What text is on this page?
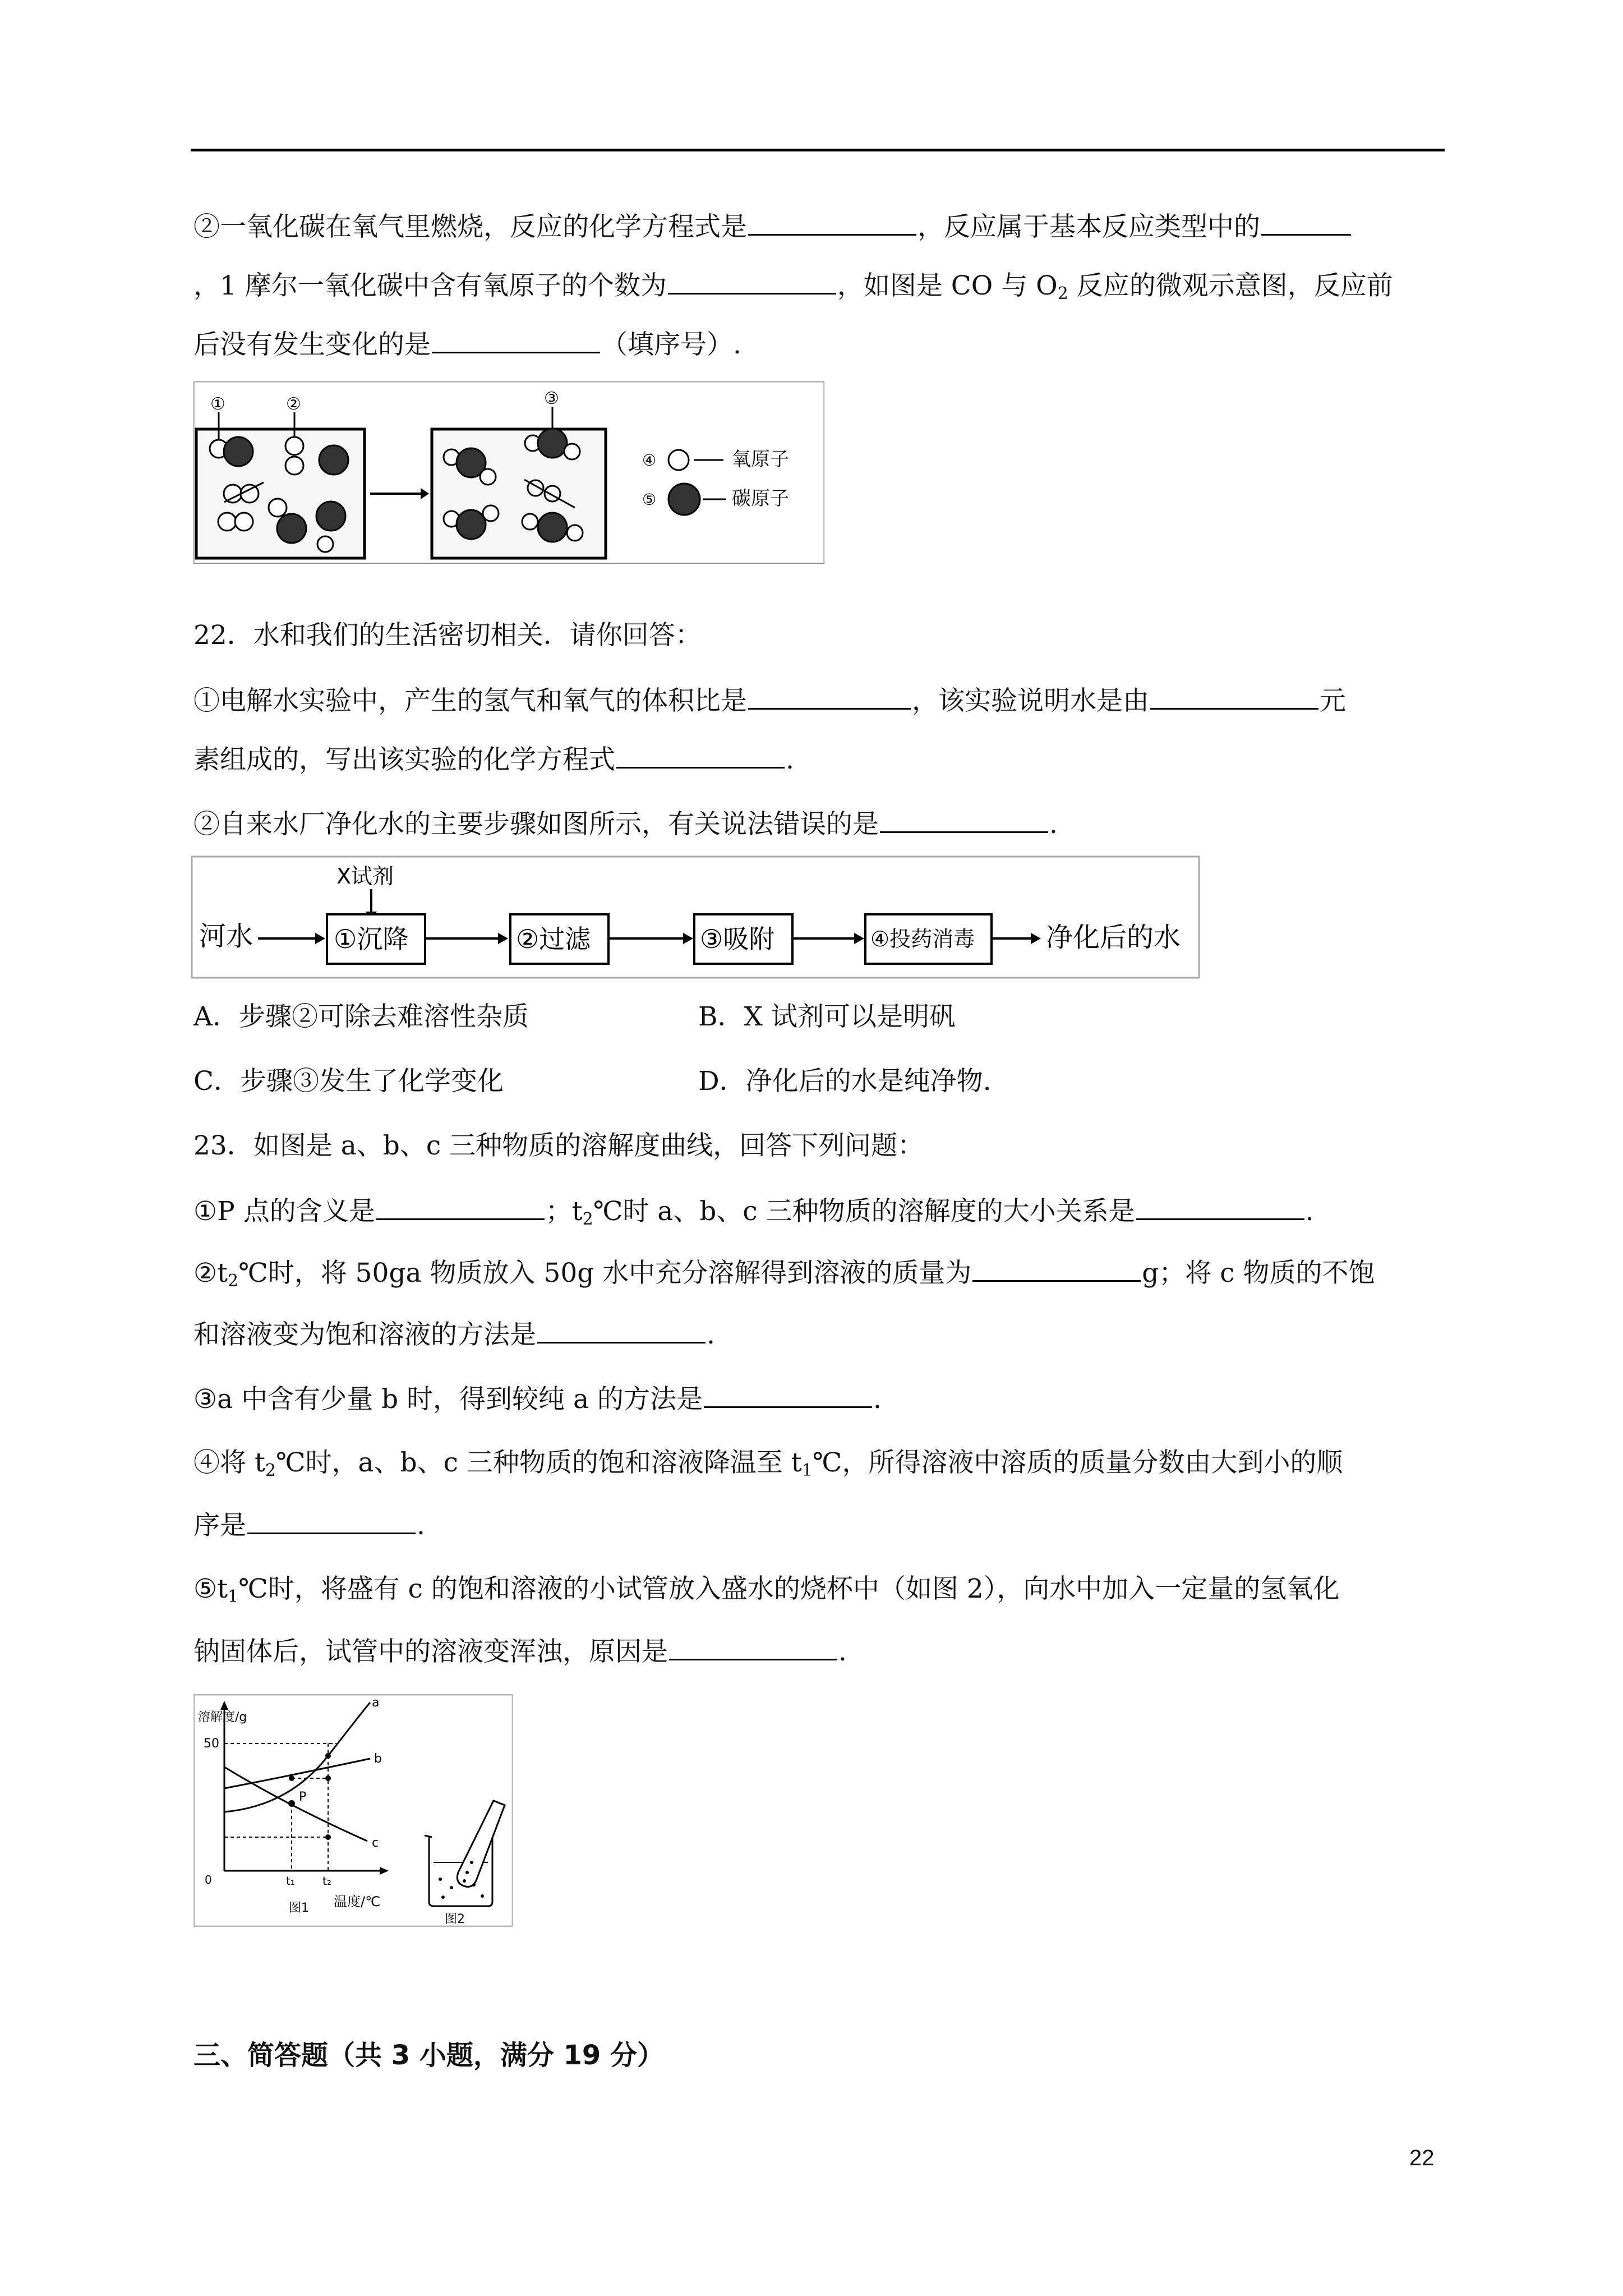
②一氧化碳在氧气里燃烧，反应的化学方程式是	，反应属于基本反应类型中的
，1 摩尔一氧化碳中含有氧原子的个数为	，如图是 CO 与 $O_2$ 反应的微观示意图，反应前
后没有发生变化的是	（填序号）.
①	②	③
④	氧原子
⑤	碳原子
22．水和我们的生活密切相关．请你回答：
①电解水实验中，产生的氢气和氧气的体积比是	，该实验说明水是由	元
素组成的，写出该实验的化学方程式	.
②自来水厂净化水的主要步骤如图所示，有关说法错误的是	.
X试剂
河水	①沉降	②过滤	③吸附	④投药消毒	净化后的水
A．步骤②可除去难溶性杂质	B．X 试剂可以是明矾
C．步骤③发生了化学变化	D．净化后的水是纯净物.
23．如图是 a、b、c 三种物质的溶解度曲线，回答下列问题：
①P 点的含义是	；$t_2℃$时 a、b、c 三种物质的溶解度的大小关系是	.
$②t_2℃$时，将 50ga 物质放入 50g 水中充分溶解得到溶液的质量为	g；将 c 物质的不饱
和溶液变为饱和溶液的方法是	.
③a 中含有少量 b 时，得到较纯 a 的方法是	.
④将 $t_2℃$时，a、b、c 三种物质的饱和溶液降温至 $t_1℃$，所得溶液中溶质的质量分数由大到小的顺
序是	.
$⑤t_1℃$时，将盛有 c 的饱和溶液的小试管放入盛水的烧杯中（如图 2），向水中加入一定量的氢氧化
钠固体后，试管中的溶液变浑浊，原因是	.
溶解度/g
50
0
a
b
c
P
t₁ t₂
温度/℃
图1
图2
三、简答题（共 3 小题，满分 19 分）
22
